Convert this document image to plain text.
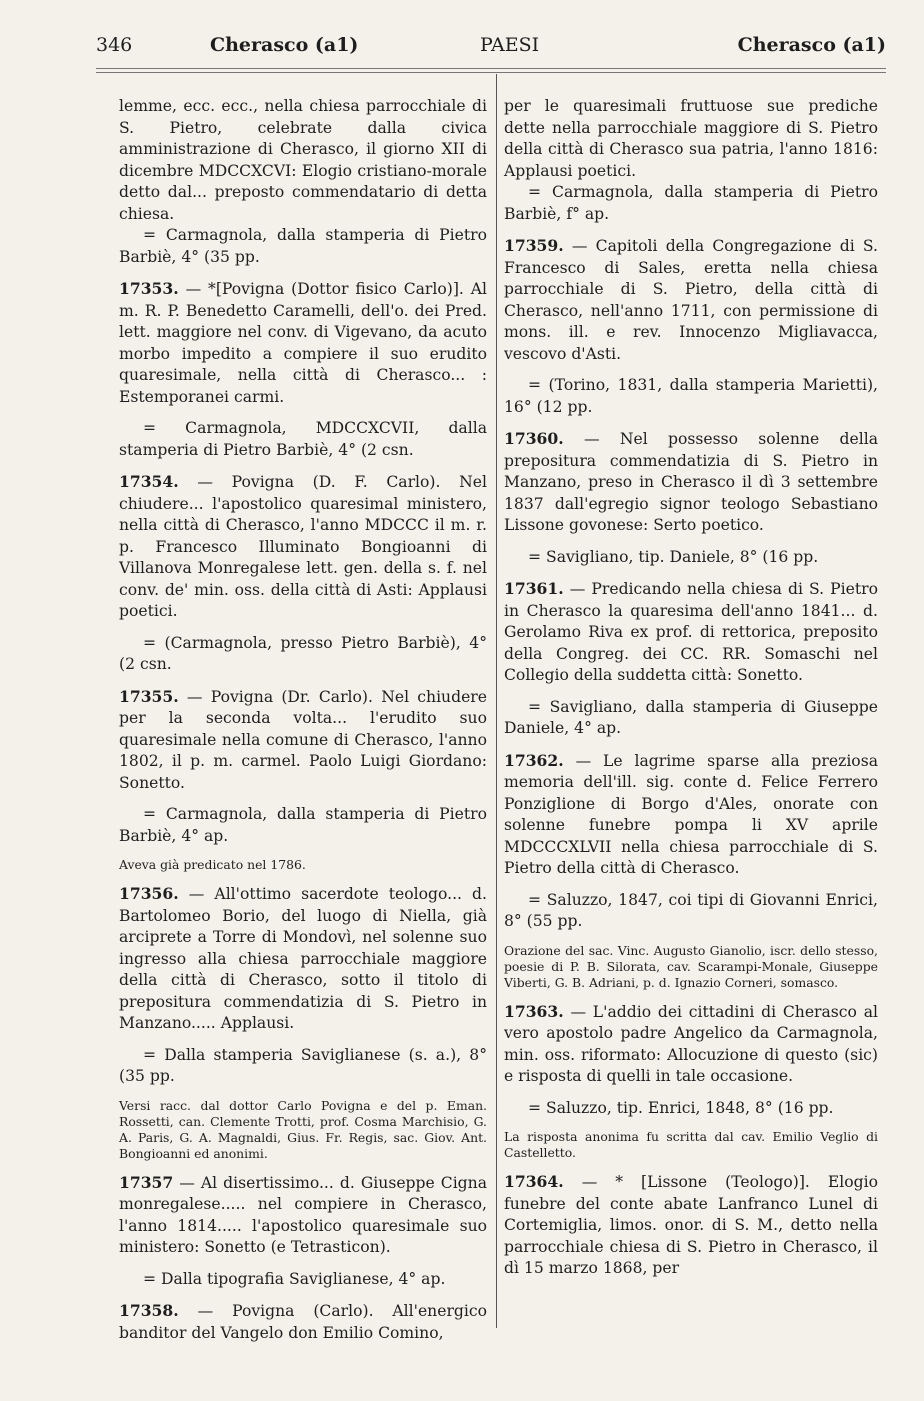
346	Cherasco (a1)	PAESI	Cherasco (a1)

lemme, ecc. ecc., nella chiesa parrocchiale di S. Pietro, celebrate dalla civica amministrazione di Cherasco, il giorno XII di dicembre MDCCXCVI: Elogio cristiano-morale detto dal... preposto commendatario di detta chiesa.

= Carmagnola, dalla stamperia di Pietro Barbiè, 4° (35 pp.

17353. — *[Povigna (Dottor fisico Carlo)]. Al m. R. P. Benedetto Caramelli, dell'o. dei Pred. lett. maggiore nel conv. di Vigevano, da acuto morbo impedito a compiere il suo erudito quaresimale, nella città di Cherasco... : Estemporanei carmi.

= Carmagnola, MDCCXCVII, dalla stamperia di Pietro Barbiè, 4° (2 csn.

17354. — Povigna (D. F. Carlo). Nel chiudere... l'apostolico quaresimal ministero, nella città di Cherasco, l'anno MDCCC il m. r. p. Francesco Illuminato Bongioanni di Villanova Monregalese lett. gen. della s. f. nel conv. de' min. oss. della città di Asti: Applausi poetici.

= (Carmagnola, presso Pietro Barbiè), 4° (2 csn.

17355. — Povigna (Dr. Carlo). Nel chiudere per la seconda volta... l'erudito suo quaresimale nella comune di Cherasco, l'anno 1802, il p. m. carmel. Paolo Luigi Giordano: Sonetto.

= Carmagnola, dalla stamperia di Pietro Barbiè, 4° ap.

Aveva già predicato nel 1786.

17356. — All'ottimo sacerdote teologo... d. Bartolomeo Borio, del luogo di Niella, già arciprete a Torre di Mondovì, nel solenne suo ingresso alla chiesa parrocchiale maggiore della città di Cherasco, sotto il titolo di prepositura commendatizia di S. Pietro in Manzano..... Applausi.

= Dalla stamperia Saviglianese (s. a.), 8° (35 pp.

Versi racc. dal dottor Carlo Povigna e del p. Eman. Rossetti, can. Clemente Trotti, prof. Cosma Marchisio, G. A. Paris, G. A. Magnaldi, Gius. Fr. Regis, sac. Giov. Ant. Bongioanni ed anonimi.

17357 — Al disertissimo... d. Giuseppe Cigna monregalese..... nel compiere in Cherasco, l'anno 1814..... l'apostolico quaresimale suo ministero: Sonetto (e Tetrasticon).

= Dalla tipografia Saviglianese, 4° ap.

17358. — Povigna (Carlo). All'energico banditor del Vangelo don Emilio Comino,

per le quaresimali fruttuose sue prediche dette nella parrocchiale maggiore di S. Pietro della città di Cherasco sua patria, l'anno 1816: Applausi poetici.

= Carmagnola, dalla stamperia di Pietro Barbiè, f° ap.

17359. — Capitoli della Congregazione di S. Francesco di Sales, eretta nella chiesa parrocchiale di S. Pietro, della città di Cherasco, nell'anno 1711, con permissione di mons. ill. e rev. Innocenzo Migliavacca, vescovo d'Asti.

= (Torino, 1831, dalla stamperia Marietti), 16° (12 pp.

17360. — Nel possesso solenne della prepositura commendatizia di S. Pietro in Manzano, preso in Cherasco il dì 3 settembre 1837 dall'egregio signor teologo Sebastiano Lissone govonese: Serto poetico.

= Savigliano, tip. Daniele, 8° (16 pp.

17361. — Predicando nella chiesa di S. Pietro in Cherasco la quaresima dell'anno 1841... d. Gerolamo Riva ex prof. di rettorica, preposito della Congreg. dei CC. RR. Somaschi nel Collegio della suddetta città: Sonetto.

= Savigliano, dalla stamperia di Giuseppe Daniele, 4° ap.

17362. — Le lagrime sparse alla preziosa memoria dell'ill. sig. conte d. Felice Ferrero Ponziglione di Borgo d'Ales, onorate con solenne funebre pompa li XV aprile MDCCCXLVII nella chiesa parrocchiale di S. Pietro della città di Cherasco.

= Saluzzo, 1847, coi tipi di Giovanni Enrici, 8° (55 pp.

Orazione del sac. Vinc. Augusto Gianolio, iscr. dello stesso, poesie di P. B. Silorata, cav. Scarampi-Monale, Giuseppe Viberti, G. B. Adriani, p. d. Ignazio Corneri, somasco.

17363. — L'addio dei cittadini di Cherasco al vero apostolo padre Angelico da Carmagnola, min. oss. riformato: Allocuzione di questo (sic) e risposta di quelli in tale occasione.

= Saluzzo, tip. Enrici, 1848, 8° (16 pp.

La risposta anonima fu scritta dal cav. Emilio Veglio di Castelletto.

17364. — * [Lissone (Teologo)]. Elogio funebre del conte abate Lanfranco Lunel di Cortemiglia, limos. onor. di S. M., detto nella parrocchiale chiesa di S. Pietro in Cherasco, il dì 15 marzo 1868, per
